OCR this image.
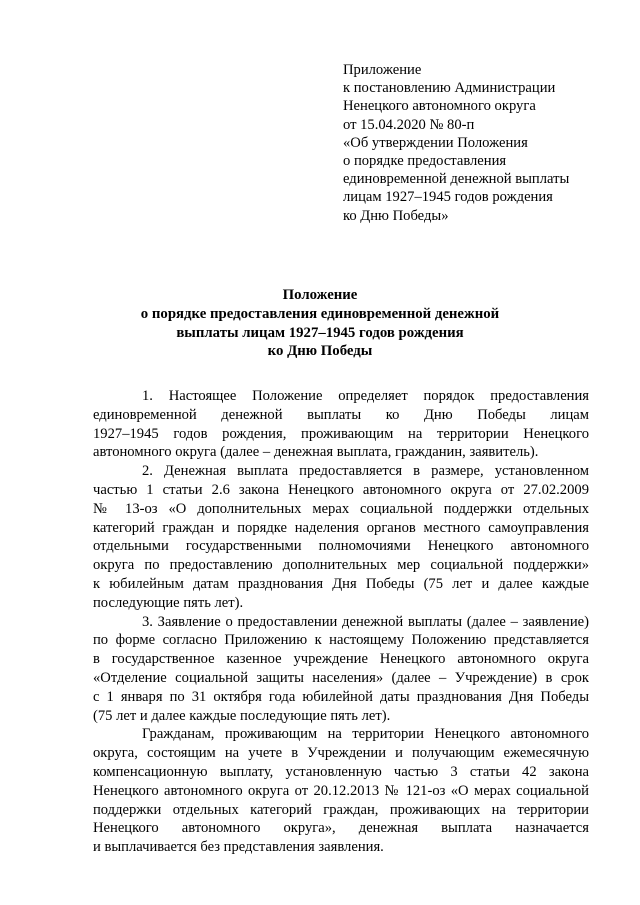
Приложение
к постановлению Администрации
Ненецкого автономного округа
от 15.04.2020 № 80-п
«Об утверждении Положения
о порядке предоставления
единовременной денежной выплаты
лицам 1927–1945 годов рождения
ко Дню Победы»
Положение
о порядке предоставления единовременной денежной
выплаты лицам 1927–1945 годов рождения
ко Дню Победы
1. Настоящее Положение определяет порядок предоставления
единовременной денежной выплаты ко Дню Победы лицам
1927–1945 годов рождения, проживающим на территории Ненецкого
автономного округа (далее – денежная выплата, гражданин, заявитель).
2. Денежная выплата предоставляется в размере, установленном
частью 1 статьи 2.6 закона Ненецкого автономного округа от 27.02.2009
№ 13-оз «О дополнительных мерах социальной поддержки отдельных
категорий граждан и порядке наделения органов местного самоуправления
отдельными государственными полномочиями Ненецкого автономного
округа по предоставлению дополнительных мер социальной поддержки»
к юбилейным датам празднования Дня Победы (75 лет и далее каждые
последующие пять лет).
3. Заявление о предоставлении денежной выплаты (далее – заявление)
по форме согласно Приложению к настоящему Положению представляется
в государственное казенное учреждение Ненецкого автономного округа
«Отделение социальной защиты населения» (далее – Учреждение) в срок
с 1 января по 31 октября года юбилейной даты празднования Дня Победы
(75 лет и далее каждые последующие пять лет).
Гражданам, проживающим на территории Ненецкого автономного
округа, состоящим на учете в Учреждении и получающим ежемесячную
компенсационную выплату, установленную частью 3 статьи 42 закона
Ненецкого автономного округа от 20.12.2013 № 121-оз «О мерах социальной
поддержки отдельных категорий граждан, проживающих на территории
Ненецкого автономного округа», денежная выплата назначается
и выплачивается без представления заявления.
